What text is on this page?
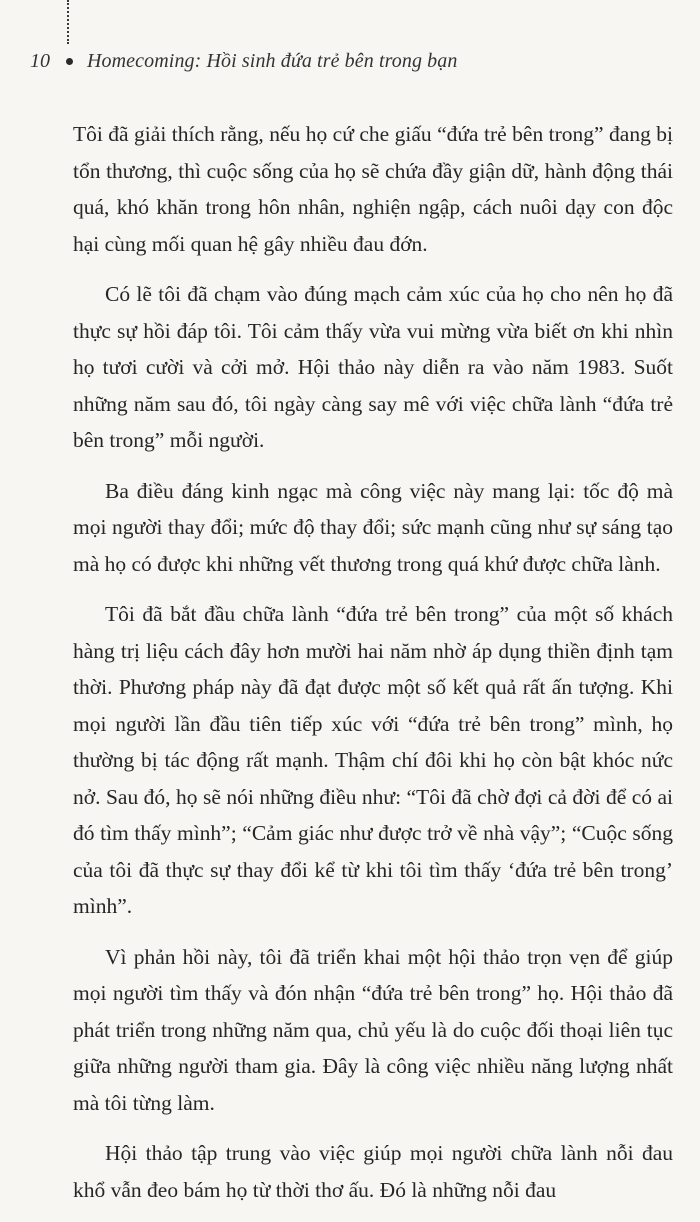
10	Homecoming: Hồi sinh đứa trẻ bên trong bạn

Tôi đã giải thích rằng, nếu họ cứ che giấu “đứa trẻ bên trong” đang bị tổn thương, thì cuộc sống của họ sẽ chứa đầy giận dữ, hành động thái quá, khó khăn trong hôn nhân, nghiện ngập, cách nuôi dạy con độc hại cùng mối quan hệ gây nhiều đau đớn.

Có lẽ tôi đã chạm vào đúng mạch cảm xúc của họ cho nên họ đã thực sự hồi đáp tôi. Tôi cảm thấy vừa vui mừng vừa biết ơn khi nhìn họ tươi cười và cởi mở. Hội thảo này diễn ra vào năm 1983. Suốt những năm sau đó, tôi ngày càng say mê với việc chữa lành “đứa trẻ bên trong” mỗi người.

Ba điều đáng kinh ngạc mà công việc này mang lại: tốc độ mà mọi người thay đổi; mức độ thay đổi; sức mạnh cũng như sự sáng tạo mà họ có được khi những vết thương trong quá khứ được chữa lành.

Tôi đã bắt đầu chữa lành “đứa trẻ bên trong” của một số khách hàng trị liệu cách đây hơn mười hai năm nhờ áp dụng thiền định tạm thời. Phương pháp này đã đạt được một số kết quả rất ấn tượng. Khi mọi người lần đầu tiên tiếp xúc với “đứa trẻ bên trong” mình, họ thường bị tác động rất mạnh. Thậm chí đôi khi họ còn bật khóc nức nở. Sau đó, họ sẽ nói những điều như: “Tôi đã chờ đợi cả đời để có ai đó tìm thấy mình”; “Cảm giác như được trở về nhà vậy”; “Cuộc sống của tôi đã thực sự thay đổi kể từ khi tôi tìm thấy ‘đứa trẻ bên trong’ mình”.

Vì phản hồi này, tôi đã triển khai một hội thảo trọn vẹn để giúp mọi người tìm thấy và đón nhận “đứa trẻ bên trong” họ. Hội thảo đã phát triển trong những năm qua, chủ yếu là do cuộc đối thoại liên tục giữa những người tham gia. Đây là công việc nhiều năng lượng nhất mà tôi từng làm.

Hội thảo tập trung vào việc giúp mọi người chữa lành nỗi đau khổ vẫn đeo bám họ từ thời thơ ấu. Đó là những nỗi đau
